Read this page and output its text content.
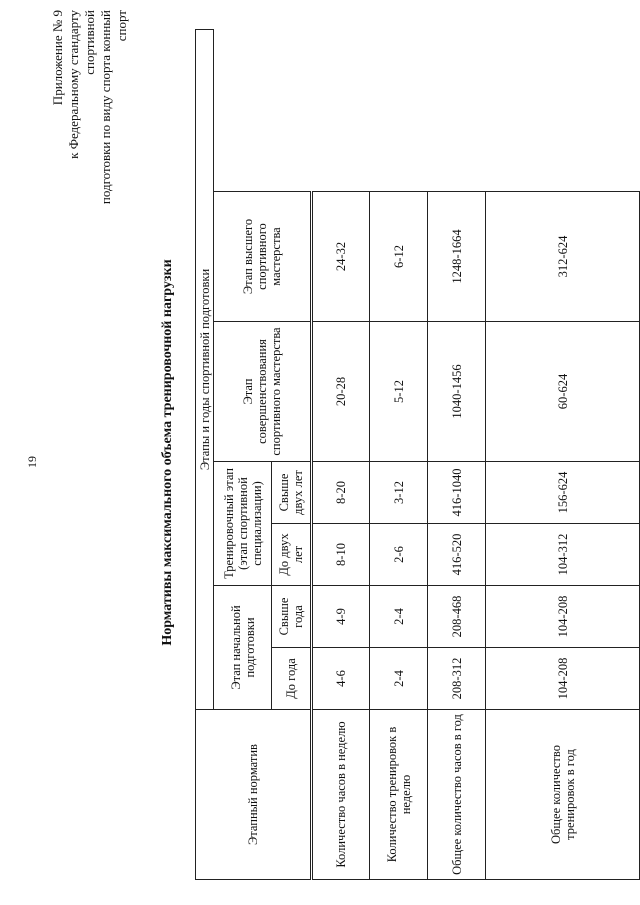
19
Приложение № 9 к Федеральному стандарту спортивной подготовки по виду спорта конный спорт
Нормативы максимального объема тренировочной нагрузки
Этапный норматив	Этапы и годы спортивной подготовки					
	Этап начальной подготовки		Тренировочный этап (этап спортивной специализации)		Этап совершенствования спортивного мастерства	Этап высшего спортивного мастерства
	До года	Свыше года	До двух лет	Свыше двух лет		
Количество часов в неделю	4-6	4-9	8-10	8-20	20-28	24-32
Количество тренировок в неделю	2-4	2-4	2-6	3-12	5-12	6-12
Общее количество часов в год	208-312	208-468	416-520	416-1040	1040-1456	1248-1664
Общее количество тренировок в год	104-208	104-208	104-312	156-624	60-624	312-624
